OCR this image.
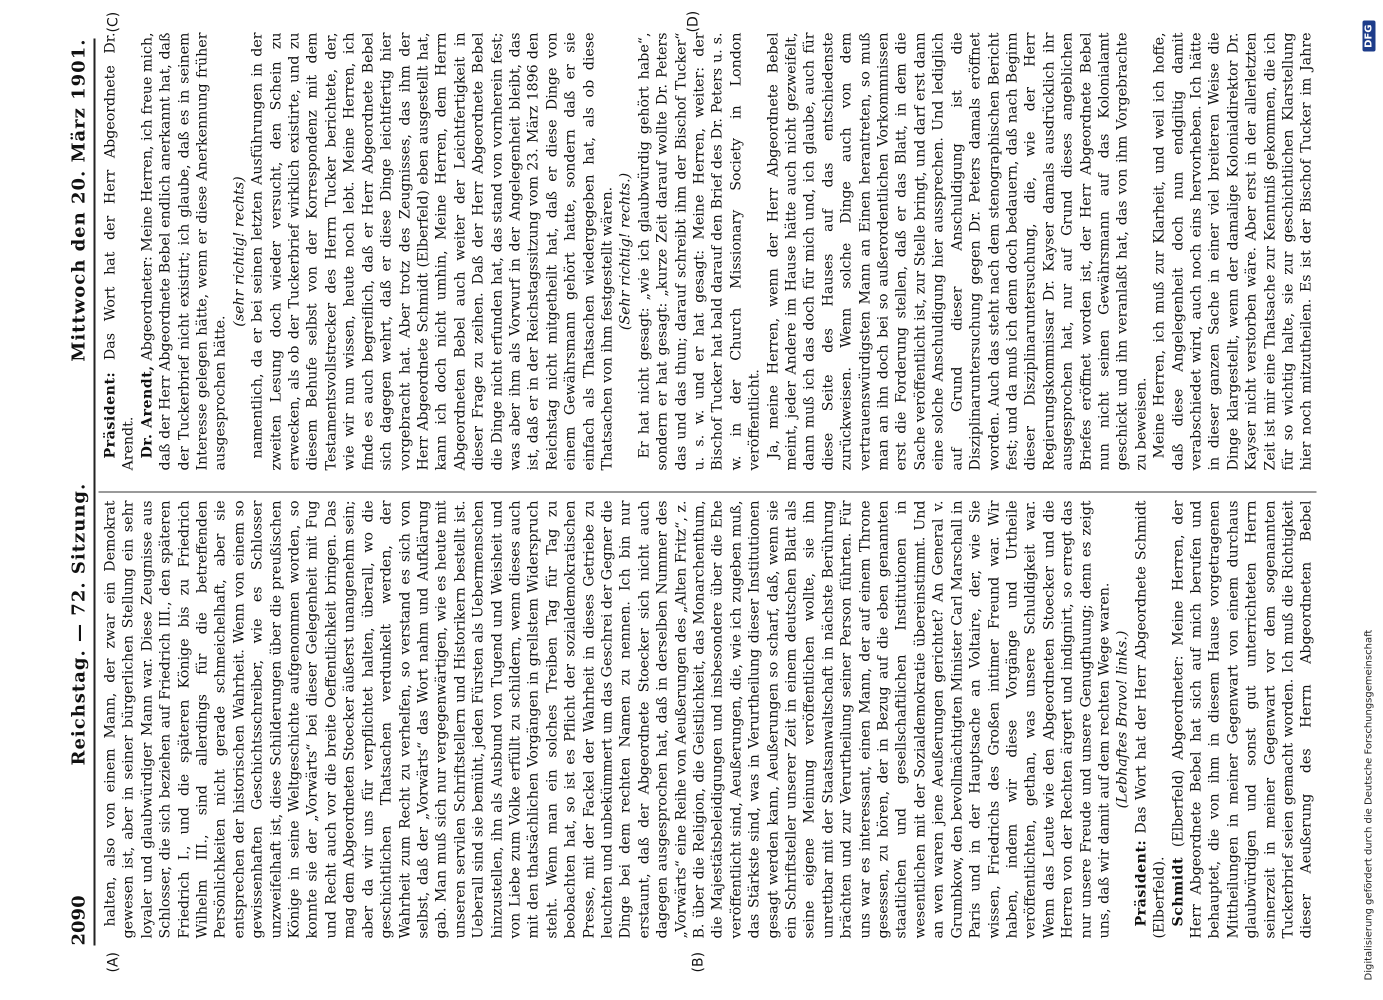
2090
Reichstag. — 72. Sitzung.
Mittwoch den 20. März 1901.
(A)	(B)
(C)	(D)

halten, also von einem Mann, der zwar ein Demokrat gewesen ist, aber in seiner bürgerlichen Stellung ein sehr loyaler und glaubwürdiger Mann war. Diese Zeugnisse aus Schlosser, die sich beziehen auf Friedrich III., den späteren Friedrich I., und die späteren Könige bis zu Friedrich Wilhelm III., sind allerdings für die betreffenden Persönlichkeiten nicht gerade schmeichelhaft, aber sie entsprechen der historischen Wahrheit. Wenn von einem so gewissenhaften Geschichtsschreiber, wie es Schlosser unzweifelhaft ist, diese Schilderungen über die preußischen Könige in seine Weltgeschichte aufgenommen worden, so konnte sie der „Vorwärts“ bei dieser Gelegenheit mit Fug und Recht auch vor die breite Oeffentlichkeit bringen. Das mag dem Abgeordneten Stoecker äußerst unangenehm sein; aber da wir uns für verpflichtet halten, überall, wo die geschichtlichen Thatsachen verdunkelt werden, der Wahrheit zum Recht zu verhelfen, so verstand es sich von selbst, daß der „Vorwärts“ das Wort nahm und Aufklärung gab. Man muß sich nur vergegenwärtigen, wie es heute mit unseren servilen Schriftstellern und Historikern bestellt ist. Ueberall sind sie bemüht, jeden Fürsten als Uebermenschen hinzustellen, ihn als Ausbund von Tugend und Weisheit und von Liebe zum Volke erfüllt zu schildern, wenn dieses auch mit den thatsächlichen Vorgängen in grellstem Widerspruch steht. Wenn man ein solches Treiben Tag für Tag zu beobachten hat, so ist es Pflicht der sozialdemokratischen Presse, mit der Fackel der Wahrheit in dieses Getriebe zu leuchten und unbekümmert um das Geschrei der Gegner die Dinge bei dem rechten Namen zu nennen. Ich bin nur erstaunt, daß der Abgeordnete Stoecker sich nicht auch dagegen ausgesprochen hat, daß in derselben Nummer des „Vorwärts“ eine Reihe von Aeußerungen des „Alten Fritz“, z. B. über die Religion, die Geistlichkeit, das Monarchenthum, die Majestätsbeleidigungen und insbesondere über die Ehe veröffentlicht sind, Aeußerungen, die, wie ich zugeben muß, das Stärkste sind, was in Verurtheilung dieser Institutionen gesagt werden kann, Aeußerungen so scharf, daß, wenn sie ein Schriftsteller unserer Zeit in einem deutschen Blatt als seine eigene Meinung veröffentlichen wollte, sie ihn unrettbar mit der Staatsanwaltschaft in nächste Berührung brächten und zur Verurtheilung seiner Person führten. Für uns war es interessant, einen Mann, der auf einem Throne gesessen, zu hören, der in Bezug auf die eben genannten staatlichen und gesellschaftlichen Institutionen in wesentlichen mit der Sozialdemokratie übereinstimmt. Und an wen waren jene Aeußerungen gerichtet? An General v. Grumbkow, den bevollmächtigten Minister Carl Marschall in Paris und in der Hauptsache an Voltaire, der, wie Sie wissen, Friedrichs des Großen intimer Freund war. Wir haben, indem wir diese Vorgänge und Urtheile veröffentlichten, gethan, was unsere Schuldigkeit war. Wenn das Leute wie den Abgeordneten Stoecker und die Herren von der Rechten ärgert und indignirt, so erregt das nur unsere Freude und unsere Genugthuung; denn es zeigt uns, daß wir damit auf dem rechten Wege waren. (Lebhaftes Bravo! links.)

Präsident: Das Wort hat der Herr Abgeordnete Schmidt (Elberfeld). Schmidt (Elberfeld) Abgeordneter: Meine Herren, der Herr Abgeordnete Bebel hat sich auf mich berufen und behauptet, die von ihm in diesem Hause vorgetragenen Mittheilungen in meiner Gegenwart von einem durchaus glaubwürdigen und sonst gut unterrichteten Herrn seinerzeit in meiner Gegenwart vor dem sogenannten Tuckerbrief seien gemacht worden. Ich muß die Richtigkeit dieser Aeußerung des Herrn Abgeordneten Bebel

Präsident: Das Wort hat der Herr Abgeordnete Dr. Arendt. Dr. Arendt, Abgeordneter: Meine Herren, ich freue mich, daß der Herr Abgeordnete Bebel endlich anerkannt hat, daß der Tuckerbrief nicht existirt; ich glaube, daß es in seinem Interesse gelegen hätte, wenn er diese Anerkennung früher ausgesprochen hätte.

(sehr richtig! rechts) namentlich, da er bei seinen letzten Ausführungen in der zweiten Lesung doch wieder versucht, den Schein zu erwecken, als ob der Tuckerbrief wirklich existirte, und zu diesem Behufe selbst von der Korrespondenz mit dem Testamentsvollstrecker des Herrn Tucker berichtete, der, wie wir nun wissen, heute noch lebt. Meine Herren, ich finde es auch begreiflich, daß er Herr Abgeordnete Bebel sich dagegen wehrt, daß er diese Dinge leichtfertig hier vorgebracht hat. Aber trotz des Zeugnisses, das ihm der Herr Abgeordnete Schmidt (Elberfeld) eben ausgestellt hat, kann ich doch nicht umhin, Meine Herren, dem Herrn Abgeordneten Bebel auch weiter der Leichtfertigkeit in dieser Frage zu zeihen. Daß der Herr Abgeordnete Bebel die Dinge nicht erfunden hat, das stand von vornherein fest; was aber ihm als Vorwurf in der Angelegenheit bleibt, das ist, daß er in der Reichstagssitzung vom 23. März 1896 den Reichstag nicht mitgetheilt hat, daß er diese Dinge von einem Gewährsmann gehört hatte, sondern daß er sie einfach als Thatsachen wiedergegeben hat, als ob diese Thatsachen von ihm festgestellt wären. (Sehr richtig! rechts.) Er hat nicht gesagt: „wie ich glaubwürdig gehört habe“, sondern er hat gesagt: „kurze Zeit darauf wollte Dr. Peters das und das thun; darauf schreibt ihm der Bischof Tucker“ u. s. w. und er hat gesagt: Meine Herren, weiter: der Bischof Tucker hat bald darauf den Brief des Dr. Peters u. s. w. in der Church Missionary Society in London veröffentlicht. Ja, meine Herren, wenn der Herr Abgeordnete Bebel meint, jeder Andere im Hause hätte auch nicht gezweifelt, dann muß ich das doch für mich und, ich glaube, auch für diese Seite des Hauses auf das entschiedenste zurückweisen. Wenn solche Dinge auch von dem vertrauenswürdigsten Mann an Einen herantreten, so muß man an ihn doch bei so außerordentlichen Vorkommnissen erst die Forderung stellen, daß er das Blatt, in dem die Sache veröffentlicht ist, zur Stelle bringt, und darf erst dann eine solche Anschuldigung hier aussprechen. Und lediglich auf Grund dieser Anschuldigung ist die Disziplinaruntersuchung gegen Dr. Peters damals eröffnet worden. Auch das steht nach dem stenographischen Bericht fest; und da muß ich denn doch bedauern, daß nach Beginn dieser Disziplinaruntersuchung, die, wie der Herr Regierungskommissar Dr. Kayser damals ausdrücklich ihr ausgesprochen hat, nur auf Grund dieses angeblichen Briefes eröffnet worden ist, der Herr Abgeordnete Bebel nun nicht seinen Gewährsmann auf das Kolonialamt geschickt und ihn veranlaßt hat, das von ihm Vorgebrachte zu beweisen. Meine Herren, ich muß zur Klarheit, und weil ich hoffe, daß diese Angelegenheit doch nun endgiltig damit verabschiedet wird, auch noch eins hervorheben. Ich hätte in dieser ganzen Sache in einer viel breiteren Weise die Dinge klargestellt, wenn der damalige Kolonialdirektor Dr. Kayser nicht verstorben wäre. Aber erst in der allerletzten Zeit ist mir eine Thatsache zur Kenntniß gekommen, die ich für so wichtig halte, sie zur geschichtlichen Klarstellung hier noch mitzutheilen. Es ist der Bischof Tucker im Jahre

Digitalisierung gefördert durch die Deutsche Forschungsgemeinschaft
DFG
